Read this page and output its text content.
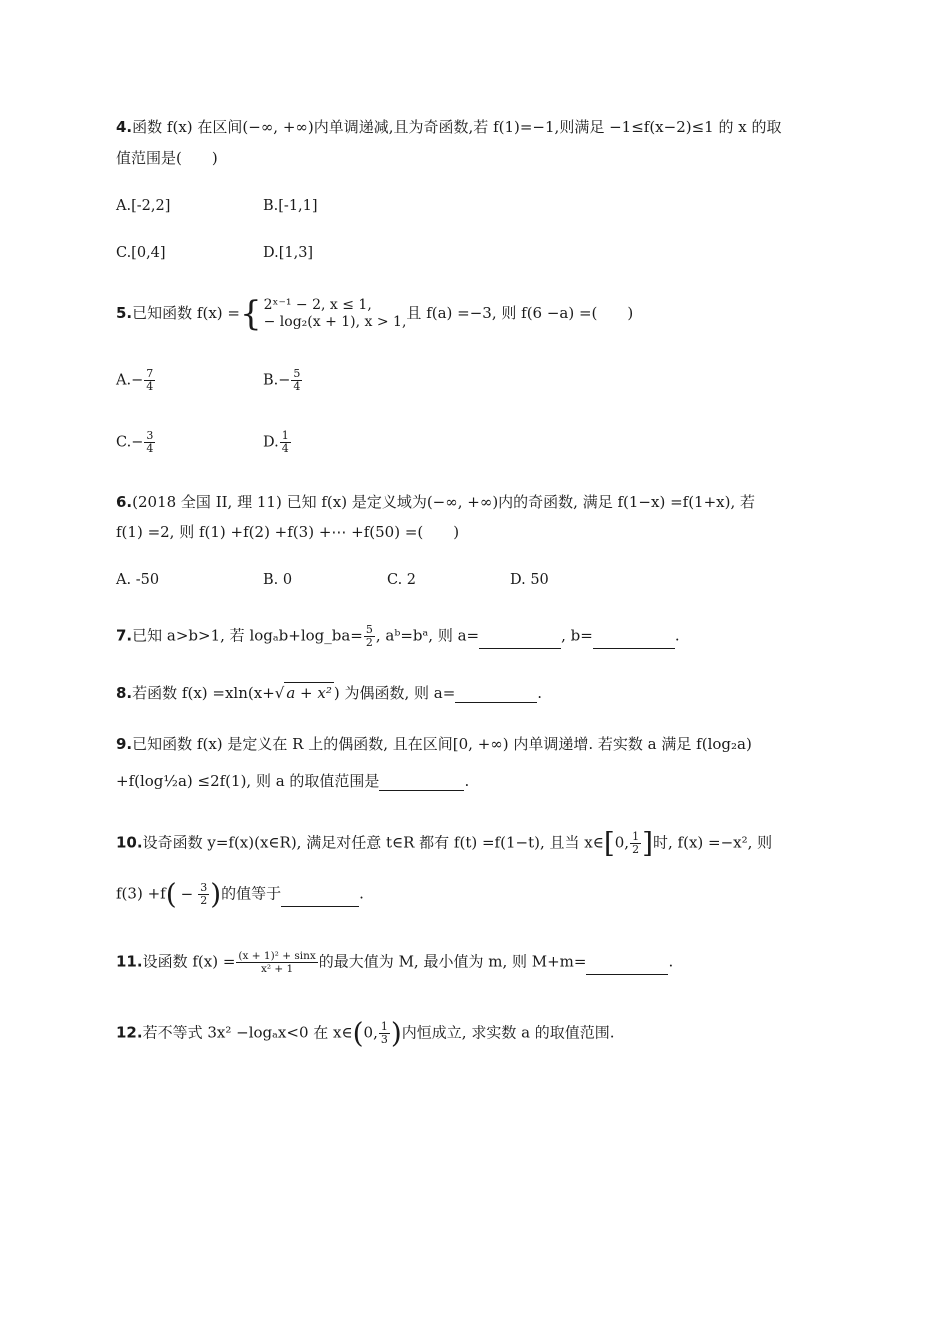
4.函数 f(x) 在区间(−∞, +∞)内单调递减,且为奇函数,若 f(1)=−1,则满足 −1≤f(x−2)≤1 的 x 的取
值范围是(　　)
A.[-2,2]	B.[-1,1]
C.[0,4]	D.[1,3]
5.已知函数 f(x) ={ 2ˣ⁻¹ − 2, x ≤ 1,
− log₂(x + 1), x > 1, 且 f(a) =−3, 则 f(6 −a) =(　　)
$A.- \frac{7}{4}$	$B.- \frac{5}{4}$
$C.- \frac{3}{4}$	D. $\frac{1}{4}$
6.(2018 全国 II, 理 11) 已知 f(x) 是定义域为(−∞, +∞)内的奇函数, 满足 f(1−x) =f(1+x), 若
f(1) =2, 则 f(1) +f(2) +f(3) +⋯ +f(50) =(　　)
A. -50	B. 0	C. 2	D. 50
7.已知 a>b>1, 若 logₐb+log_ba= $\frac{5}{2}$ , aᵇ=bᵃ, 则 a=	, b=	.
8.若函数 f(x) =xln(x+√ a + x² ) 为偶函数, 则 a=	.
9.已知函数 f(x) 是定义在 R 上的偶函数, 且在区间[0, +∞) 内单调递增. 若实数 a 满足 f(log₂a)
+f(log½a) ≤2f(1), 则 a 的取值范围是	.
10.设奇函数 y=f(x)(x∈R), 满足对任意 t∈R 都有 f(t) =f(1−t), 且当 x∈[0, $\frac{1}{2}$ ]时, f(x) =−x², 则
$f(3) +f( - \frac{3}{2}$ )的值等于	.
11.设函数 $f(x) = \frac{\text{(x + 1)² + sinx}}{\text{x² + 1}}$ 的最大值为 M, 最小值为 m, 则 M+m=	.
12.若不等式 3x² −logₐx<0 在 x∈(0, $\frac{1}{3}$ )内恒成立, 求实数 a 的取值范围.
